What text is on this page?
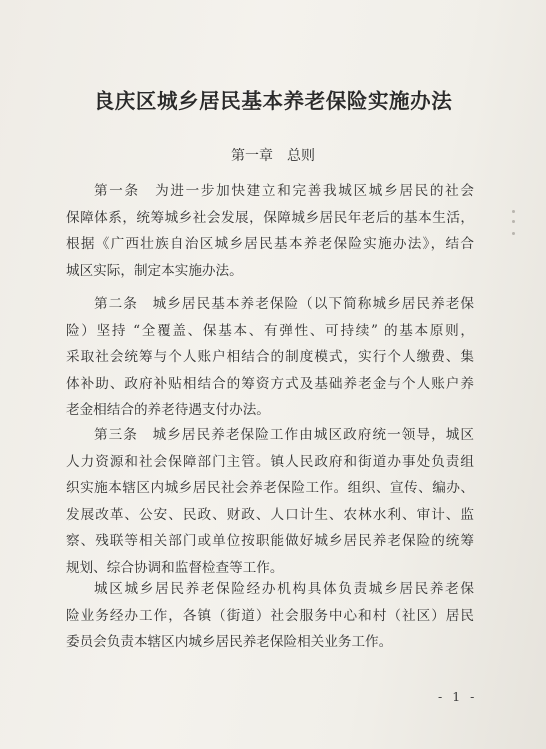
良庆区城乡居民基本养老保险实施办法
第一章　总则
第一条　为进一步加快建立和完善我城区城乡居民的社会
保障体系，统筹城乡社会发展，保障城乡居民年老后的基本生活，
根据《广西壮族自治区城乡居民基本养老保险实施办法》，结合
城区实际，制定本实施办法。
第二条　城乡居民基本养老保险（以下简称城乡居民养老保
险）坚持 “全覆盖、保基本、有弹性、可持续” 的基本原则，
采取社会统筹与个人账户相结合的制度模式，实行个人缴费、集
体补助、政府补贴相结合的筹资方式及基础养老金与个人账户养
老金相结合的养老待遇支付办法。
第三条　城乡居民养老保险工作由城区政府统一领导，城区
人力资源和社会保障部门主管。镇人民政府和街道办事处负责组
织实施本辖区内城乡居民社会养老保险工作。组织、宣传、编办、
发展改革、公安、民政、财政、人口计生、农林水利、审计、监
察、残联等相关部门或单位按职能做好城乡居民养老保险的统筹
规划、综合协调和监督检查等工作。
城区城乡居民养老保险经办机构具体负责城乡居民养老保
险业务经办工作，各镇（街道）社会服务中心和村（社区）居民
委员会负责本辖区内城乡居民养老保险相关业务工作。
- 1 -
